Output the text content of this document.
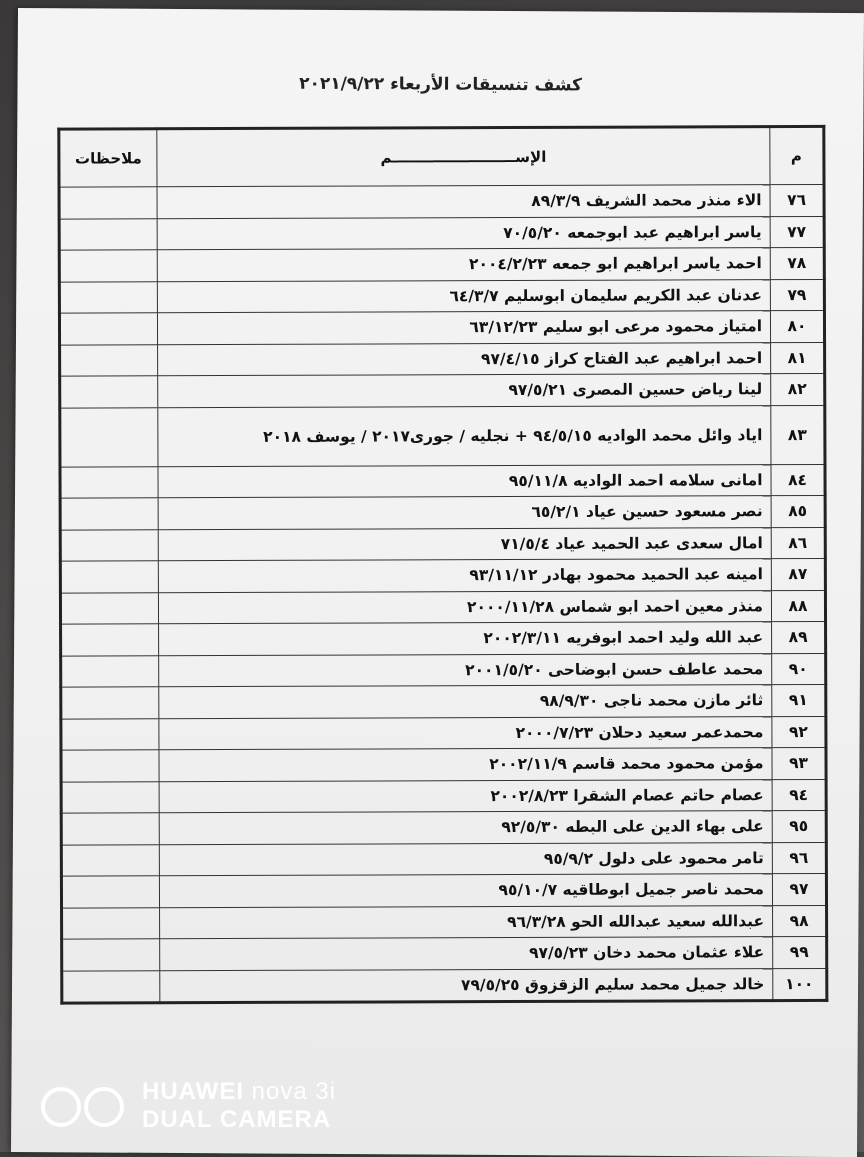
كشف تنسيقات الأربعاء ٢٠٢١/٩/٢٢
م	الإســــــــــــــــــــــــم	ملاحظات
٧٦	الاء منذر محمد الشريف ٨٩/٣/٩	
٧٧	ياسر ابراهيم عبد ابوجمعه ٧٠/٥/٢٠	
٧٨	احمد ياسر ابراهيم ابو جمعه ٢٠٠٤/٢/٢٣	
٧٩	عدنان عبد الكريم سليمان ابوسليم ٦٤/٣/٧	
٨٠	امتياز محمود مرعى ابو سليم ٦٣/١٢/٢٣	
٨١	احمد ابراهيم عبد الفتاح كراز ٩٧/٤/١٥	
٨٢	لينا رياض حسين المصرى ٩٧/٥/٢١	
٨٣	اياد وائل محمد الواديه ٩٤/٥/١٥ + نجليه / جورى٢٠١٧ / يوسف ٢٠١٨	
٨٤	امانى سلامه احمد الواديه ٩٥/١١/٨	
٨٥	نصر مسعود حسين عياد ٦٥/٢/١	
٨٦	امال سعدى عبد الحميد عياد ٧١/٥/٤	
٨٧	امينه عبد الحميد محمود بهادر ٩٣/١١/١٢	
٨٨	منذر معين احمد ابو شماس ٢٠٠٠/١١/٢٨	
٨٩	عبد الله وليد احمد ابوفريه ٢٠٠٢/٣/١١	
٩٠	محمد عاطف حسن ابوضاحى ٢٠٠١/٥/٢٠	
٩١	ثائر مازن محمد ناجى ٩٨/٩/٣٠	
٩٢	محمدعمر سعيد دحلان ٢٠٠٠/٧/٢٣	
٩٣	مؤمن محمود محمد قاسم ٢٠٠٢/١١/٩	
٩٤	عصام حاتم عصام الشقرا ٢٠٠٢/٨/٢٣	
٩٥	على بهاء الدين على البطه ٩٢/٥/٣٠	
٩٦	تامر محمود على دلول ٩٥/٩/٢	
٩٧	محمد ناصر جميل ابوطاقيه ٩٥/١٠/٧	
٩٨	عبدالله سعيد عبدالله الحو ٩٦/٣/٢٨	
٩٩	علاء عثمان محمد دخان ٩٧/٥/٢٣	
١٠٠	خالد جميل محمد سليم الزقزوق ٧٩/٥/٢٥	
HUAWEI nova 3i
DUAL CAMERA
